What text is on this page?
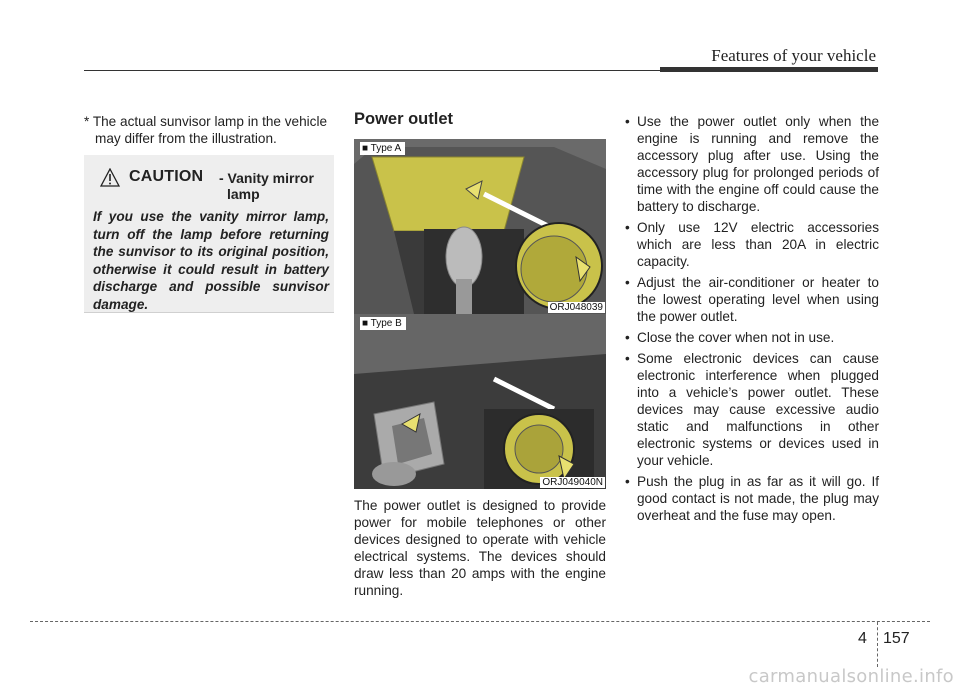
Features of your vehicle

* The actual sunvisor lamp in the vehicle may differ from the illustration.

CAUTION - Vanity mirror
lamp

If you use the vanity mirror lamp, turn off the lamp before returning the sunvisor to its original position, otherwise it could result in battery discharge and possible sunvisor damage.

Power outlet
■ Type A
ORJ048039
■ Type B
ORJ049040N

The power outlet is designed to provide power for mobile telephones or other devices designed to operate with vehicle electrical systems. The devices should draw less than 20 amps with the engine running.

• Use the power outlet only when the engine is running and remove the accessory plug after use. Using the accessory plug for prolonged periods of time with the engine off could cause the battery to discharge.
• Only use 12V electric accessories which are less than 20A in electric capacity.
• Adjust the air-conditioner or heater to the lowest operating level when using the power outlet.
• Close the cover when not in use.
• Some electronic devices can cause electronic interference when plugged into a vehicle’s power outlet. These devices may cause excessive audio static and malfunctions in other electronic systems or devices used in your vehicle.
• Push the plug in as far as it will go. If good contact is not made, the plug may overheat and the fuse may open.
4 157
carmanualsonline.info
